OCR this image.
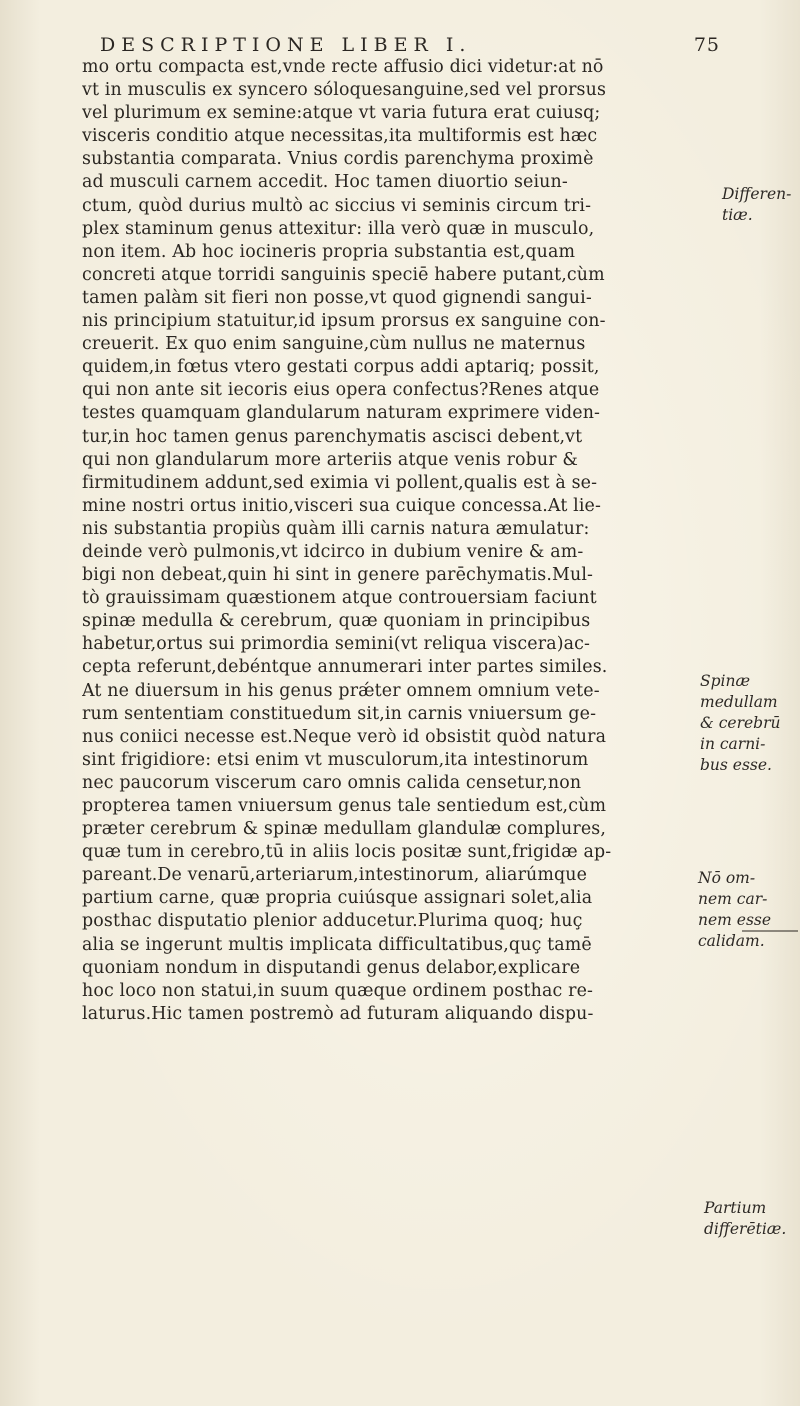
DESCRIPTIONE LIBER I.	75
mo ortu compacta est,vnde recte affusio dici videtur:at nō
vt in musculis ex syncero sóloquesanguine,sed vel prorsus
vel plurimum ex semine:atque vt varia futura erat cuiusq;
visceris conditio atque necessitas,ita multiformis est hæc
substantia comparata. Vnius cordis parenchyma proximè
ad musculi carnem accedit. Hoc tamen diuortio seiun-
ctum, quòd durius multò ac siccius vi seminis circum tri-
plex staminum genus attexitur: illa verò quæ in musculo,
non item. Ab hoc iocineris propria substantia est,quam
concreti atque torridi sanguinis speciē habere putant,cùm
tamen palàm sit fieri non posse,vt quod gignendi sangui-
nis principium statuitur,id ipsum prorsus ex sanguine con-
creuerit. Ex quo enim sanguine,cùm nullus ne maternus
quidem,in fœtus vtero gestati corpus addi aptariq; possit,
qui non ante sit iecoris eius opera confectus?Renes atque
testes quamquam glandularum naturam exprimere viden-
tur,in hoc tamen genus parenchymatis ascisci debent,vt
qui non glandularum more arteriis atque venis robur &
firmitudinem addunt,sed eximia vi pollent,qualis est à se-
mine nostri ortus initio,visceri sua cuique concessa.At lie-
nis substantia propiùs quàm illi carnis natura æmulatur:
deinde verò pulmonis,vt idcirco in dubium venire & am-
bigi non debeat,quin hi sint in genere parēchymatis.Mul-
tò grauissimam quæstionem atque controuersiam faciunt
spinæ medulla & cerebrum, quæ quoniam in principibus
habetur,ortus sui primordia semini(vt reliqua viscera)ac-
cepta referunt,debéntque annumerari inter partes similes.
At ne diuersum in his genus prǽter omnem omnium vete-
rum sententiam constituedum sit,in carnis vniuersum ge-
nus coniici necesse est.Neque verò id obsistit quòd natura
sint frigidiore: etsi enim vt musculorum,ita intestinorum
nec paucorum viscerum caro omnis calida censetur,non
propterea tamen vniuersum genus tale sentiedum est,cùm
præter cerebrum & spinæ medullam glandulæ complures,
quæ tum in cerebro,tū in aliis locis positæ sunt,frigidæ ap-
pareant.De venarū,arteriarum,intestinorum, aliarúmque
partium carne, quæ propria cuiúsque assignari solet,alia
posthac disputatio plenior adducetur.Plurima quoq; huç
alia se ingerunt multis implicata difficultatibus,quç tamē
quoniam nondum in disputandi genus delabor,explicare
hoc loco non statui,in suum quæque ordinem posthac re-
laturus.Hic tamen postremò ad futuram aliquando dispu-
Differen-
tiæ.
Spinæ
medullam
& cerebrū
in carni-
bus esse.
Nō om-
nem car-
nem esse
calidam.
Partium
differētiæ.
